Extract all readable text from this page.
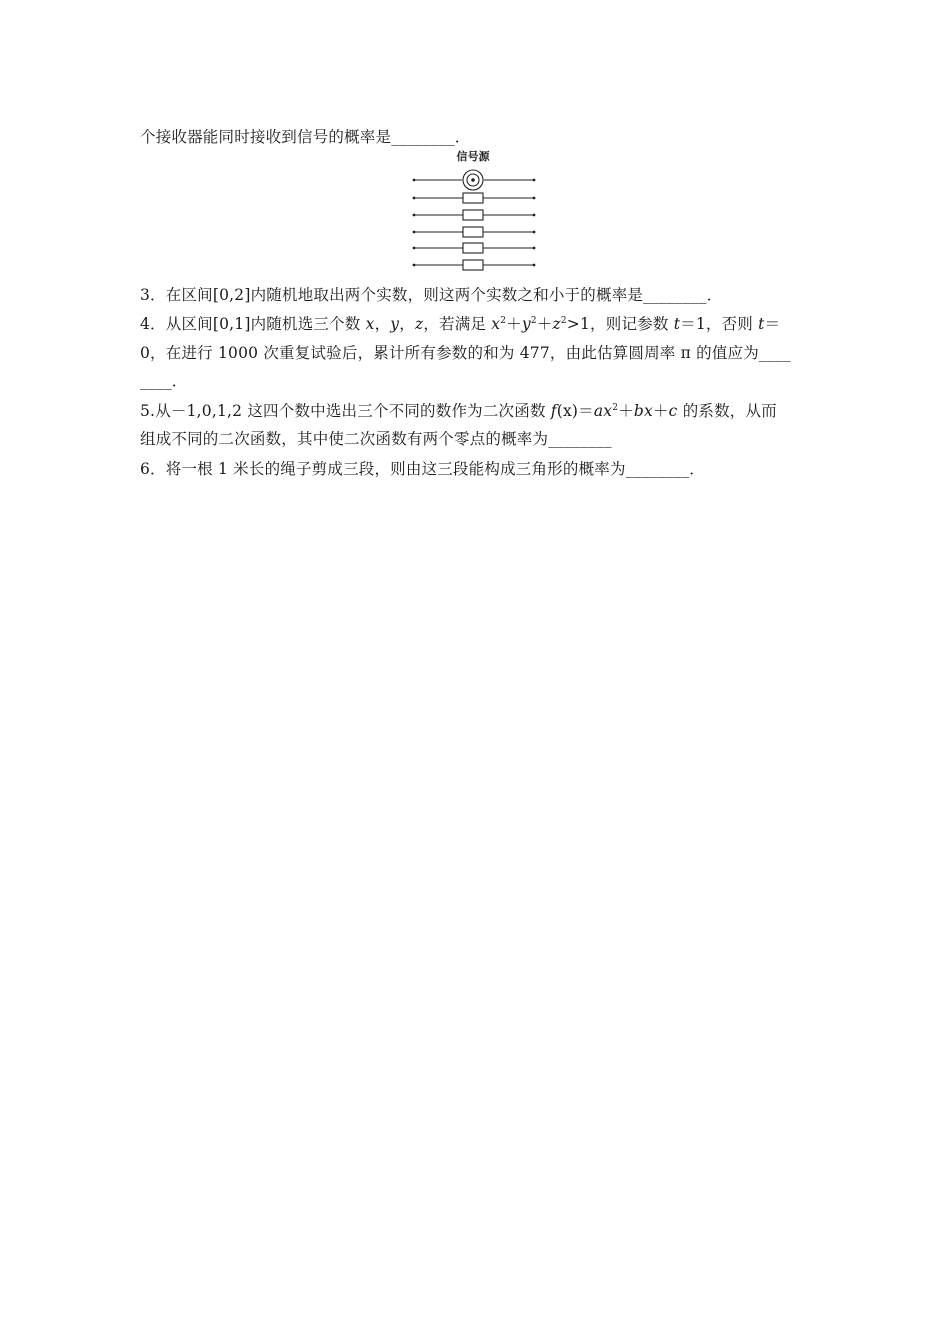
个接收器能同时接收到信号的概率是________．
信号源
3．在区间[0,2]内随机地取出两个实数，则这两个实数之和小于的概率是________．
4．从区间[0,1]内随机选三个数 x，y，z，若满足 $x^2+y^2+z^2>1$，则记参数 t＝1，否则 t＝
0，在进行 1000 次重复试验后，累计所有参数的和为 477，由此估算圆周率 π 的值应为____
____．
5.从－1,0,1,2 这四个数中选出三个不同的数作为二次函数 $f(x)=ax^2+bx+c$ 的系数，从而
组成不同的二次函数，其中使二次函数有两个零点的概率为________
6．将一根 1 米长的绳子剪成三段，则由这三段能构成三角形的概率为________．
